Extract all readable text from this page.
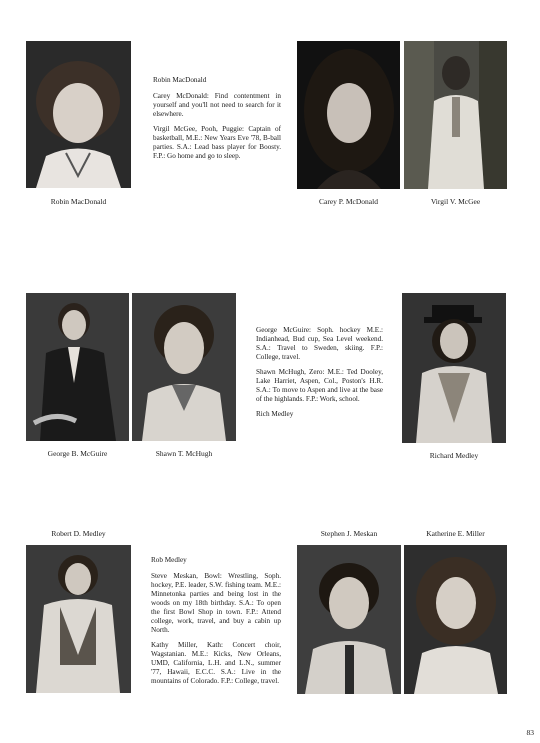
Robin MacDonald

Robin MacDonald

Carey McDonald: Find contentment in yourself and you'll not need to search for it elsewhere.

Virgil McGee, Pooh, Puggie: Captain of basketball, M.E.: New Years Eve '78, B-ball parties. S.A.: Lead bass player for Boosty. F.P.: Go home and go to sleep.

Carey P. McDonald	Virgil V. McGee
George B. McGuire	Shawn T. McHugh

George McGuire: Soph. hockey M.E.: Indianhead, Bud cup, Sea Level weekend. S.A.: Travel to Sweden, skiing. F.P.: College, travel.

Shawn McHugh, Zero: M.E.: Ted Dooley, Lake Harriet, Aspen, Col., Poston's H.R. S.A.: To move to Aspen and live at the base of the highlands. F.P.: Work, school.

Rich Medley

Richard Medley
Robert D. Medley

Rob Medley

Steve Meskan, Bowl: Wrestling, Soph. hockey, P.E. leader, S.W. fishing team. M.E.: Minnetonka parties and being lost in the woods on my 18th birthday. S.A.: To open the first Bowl Shop in town. F.P.: Attend college, work, travel, and buy a cabin up North.

Kathy Miller, Kath: Concert choir, Wagstanian. M.E.: Kicks, New Orleans, UMD, California, L.H. and L.N., summer '77, Hawaii, E.C.C. S.A.: Live in the mountains of Colorado. F.P.: College, travel.

Stephen J. Meskan	Katherine E. Miller
83
